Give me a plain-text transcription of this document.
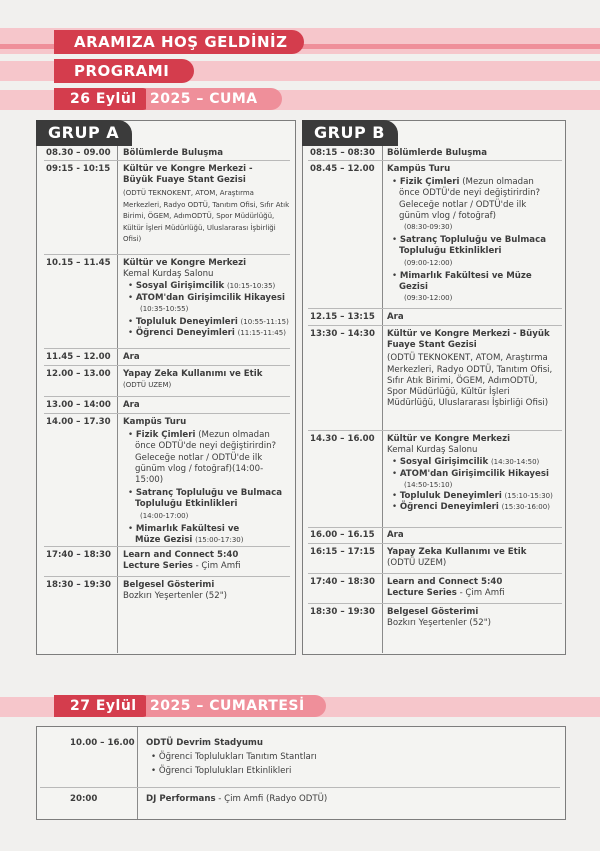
ARAMIZA HOŞ GELDİNİZ
PROGRAMI
26 Eylül 2025 – CUMA
GRUP A
08.30 – 09.00 Bölümlerde Buluşma
09:15 - 10:15 Kültür ve Kongre Merkezi -
Büyük Fuaye Stant Gezisi
(ODTÜ TEKNOKENT, ATOM, Araştırma Merkezleri, Radyo ODTÜ, Tanıtım Ofisi, Sıfır Atık Birimi, ÖGEM, AdımODTÜ, Spor Müdürlüğü, Kültür İşleri Müdürlüğü, Uluslararası İşbirliği Ofisi)
10.15 – 11.45 Kültür ve Kongre Merkezi
Kemal Kurdaş Salonu
• Sosyal Girişimcilik (10:15-10:35)
• ATOM'dan Girişimcilik Hikayesi
(10:35-10:55)
• Topluluk Deneyimleri (10:55-11:15)
• Öğrenci Deneyimleri (11:15-11:45)
11.45 – 12.00 Ara
12.00 – 13.00 Yapay Zeka Kullanımı ve Etik
(ODTÜ UZEM)
13.00 – 14:00 Ara
14.00 – 17.30 Kampüs Turu
• Fizik Çimleri (Mezun olmadan önce ODTÜ'de neyi değiştirirdin? Geleceğe notlar / ODTÜ'de ilk günüm vlog / fotoğraf)(14:00-15:00)
• Satranç Topluluğu ve Bulmaca Topluluğu Etkinlikleri
(14:00-17:00)
• Mimarlık Fakültesi ve Müze Gezisi (15:00-17:30)
17:40 – 18:30 Learn and Connect 5:40
Lecture Series - Çim Amfi
18:30 – 19:30 Belgesel Gösterimi
Bozkırı Yeşertenler (52")
GRUP B
08:15 – 08:30 Bölümlerde Buluşma
08.45 – 12.00 Kampüs Turu
• Fizik Çimleri (Mezun olmadan önce ODTÜ'de neyi değiştirirdin? Geleceğe notlar / ODTÜ'de ilk günüm vlog / fotoğraf)
(08:30-09:30)
• Satranç Topluluğu ve Bulmaca Topluluğu Etkinlikleri
(09:00-12:00)
• Mimarlık Fakültesi ve Müze Gezisi
(09:30-12:00)
12.15 – 13:15 Ara
13:30 – 14:30 Kültür ve Kongre Merkezi - Büyük Fuaye Stant Gezisi
(ODTÜ TEKNOKENT, ATOM, Araştırma Merkezleri, Radyo ODTÜ, Tanıtım Ofisi, Sıfır Atık Birimi, ÖGEM, AdımODTÜ, Spor Müdürlüğü, Kültür İşleri Müdürlüğü, Uluslararası İşbirliği Ofisi)
14.30 – 16.00 Kültür ve Kongre Merkezi
Kemal Kurdaş Salonu
• Sosyal Girişimcilik (14:30-14:50)
• ATOM'dan Girişimcilik Hikayesi
(14:50-15:10)
• Topluluk Deneyimleri (15:10-15:30)
• Öğrenci Deneyimleri (15:30-16:00)
16.00 – 16.15 Ara
16:15 – 17:15 Yapay Zeka Kullanımı ve Etik
(ODTÜ UZEM)
17:40 – 18:30 Learn and Connect 5:40
Lecture Series - Çim Amfi
18:30 – 19:30 Belgesel Gösterimi
Bozkırı Yeşertenler (52")
27 Eylül 2025 – CUMARTESİ
10.00 – 16.00 ODTÜ Devrim Stadyumu
• Öğrenci Toplulukları Tanıtım Stantları
• Öğrenci Toplulukları Etkinlikleri
20:00	DJ Performans - Çim Amfi (Radyo ODTÜ)
